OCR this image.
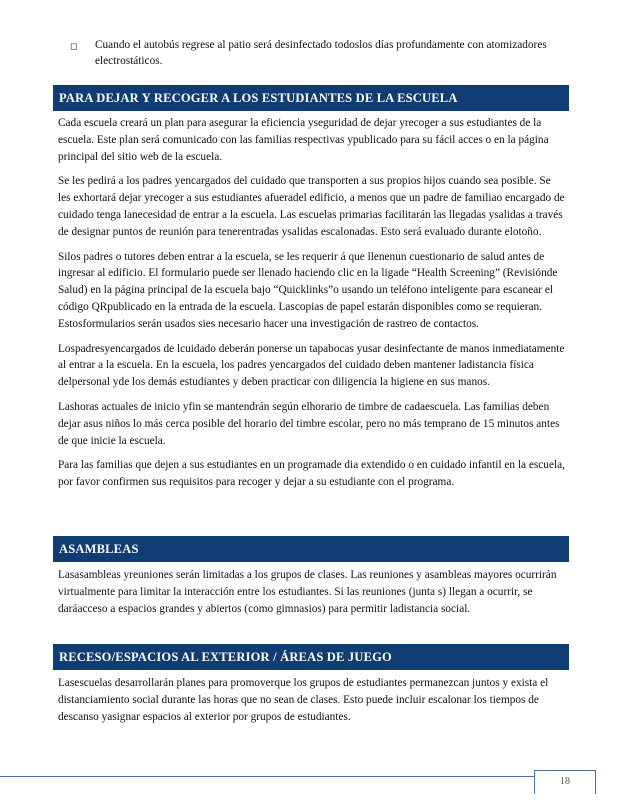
◻ Cuando el autobús regrese al patio será desinfectado todoslos días profundamente con atomizadores electrostáticos.
PARA DEJAR Y RECOGER A LOS ESTUDIANTES DE LA ESCUELA

Cada escuela creará un plan para asegurar la eficiencia yseguridad de dejar yrecoger a sus estudiantes de la escuela. Este plan será comunicado con las familias respectivas ypublicado para su fácil acces o en la página principal del sitio web de la escuela.

Se les pedirá a los padres yencargados del cuidado que transporten a sus propios hijos cuando sea posible. Se les exhortará dejar yrecoger a sus estudiantes afueradel edificio, a menos que un padre de familiao encargado de cuidado tenga lanecesidad de entrar a la escuela. Las escuelas primarias facilitarán las llegadas ysalidas a través de designar puntos de reunión para tenerentradas ysalidas escalonadas. Esto será evaluado durante elotoño.

Silos padres o tutores deben entrar a la escuela, se les requerir á que llenenun cuestionario de salud antes de ingresar al edificio. El formulario puede ser llenado haciendo clic en la ligade “Health Screening” (Revisiónde Salud) en la página principal de la escuela bajo “Quicklinks”o usando un teléfono inteligente para escanear el código QRpublicado en la entrada de la escuela. Lascopias de papel estarán disponibles como se requieran. Estosformularios serán usados sies necesario hacer una investigación de rastreo de contactos.

Lospadresyencargados de lcuidado deberán ponerse un tapabocas yusar desinfectante de manos inmediatamente al entrar a la escuela. En la escuela, los padres yencargados del cuidado deben mantener ladistancia física delpersonal yde los demás estudiantes y deben practicar con diligencia la higiene en sus manos.

Lashoras actuales de inicio yfin se mantendrán según elhorario de timbre de cadaescuela. Las familias deben dejar asus niños lo más cerca posible del horario del timbre escolar, pero no más temprano de 15 minutos antes de que inicie la escuela.

Para las familias que dejen a sus estudiantes en un programade dia extendido o en cuidado infantil en la escuela, por favor confirmen sus requisitos para recoger y dejar a su estudiante con el programa.

ASAMBLEAS

Lasasambleas yreuniones serán limitadas a los grupos de clases. Las reuniones y asambleas mayores ocurrirán virtualmente para limitar la interacción entre los estudiantes. Si las reuniones (junta s) llegan a ocurrir, se daráacceso a espacios grandes y abiertos (como gimnasios) para permitir ladistancia social.

RECESO/ESPACIOS AL EXTERIOR / ÁREAS DE JUEGO

Lasescuelas desarrollarán planes para promoverque los grupos de estudiantes permanezcan juntos y exista el distanciamiento social durante las horas que no sean de clases. Esto puede incluir escalonar los tiempos de descanso yasignar espacios al exterior por grupos de estudiantes.

18
